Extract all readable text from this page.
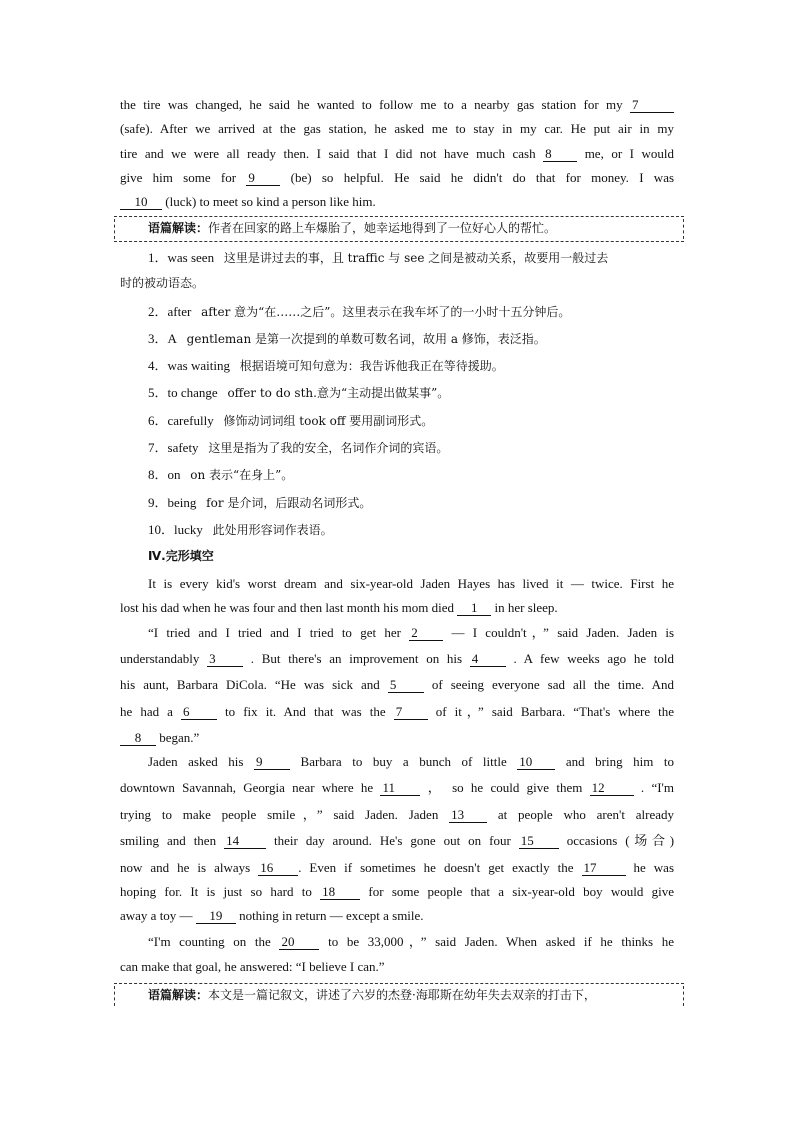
the tire was changed, he said he wanted to follow me to a nearby gas station for my 7
(safe). After we arrived at the gas station, he asked me to stay in my car. He put air in my
tire and we were all ready then. I said that I did not have much cash 8	me, or I would
give him some for 9	(be) so helpful. He said he didn't do that for money. I was
10 (luck) to meet so kind a person like him.
语篇解读：作者在回家的路上车爆胎了，她幸运地得到了一位好心人的帮忙。
1．was seen 这里是讲过去的事，且 traffic 与 see 之间是被动关系，故要用一般过去
时的被动语态。
2．after after 意为“在……之后”。这里表示在我车坏了的一小时十五分钟后。
3．A gentleman 是第一次提到的单数可数名词，故用 a 修饰，表泛指。
4．was waiting 根据语境可知句意为：我告诉他我正在等待援助。
5．to change offer to do sth.意为“主动提出做某事”。
6．carefully 修饰动词词组 took off 要用副词形式。
7．safety 这里是指为了我的安全，名词作介词的宾语。
8．on on 表示“在身上”。
9．being for 是介词，后跟动名词形式。
10．lucky 此处用形容词作表语。
Ⅳ.完形填空
It is every kid's worst dream and six-year-old Jaden Hayes has lived it — twice. First he
lost his dad when he was four and then last month his mom died 1 in her sleep.
“I tried and I tried and I tried to get her 2	— I couldn't，” said Jaden. Jaden is
understandably 3	. But there's an improvement on his 4	. A few weeks ago he told
his aunt, Barbara DiCola. “He was sick and 5	of seeing everyone sad all the time. And
he had a 6	to fix it. And that was the 7	of it，” said Barbara. “That's where the
8 began.”
Jaden asked his 9	Barbara to buy a bunch of little 10	and bring him to
downtown Savannah, Georgia near where he 11	， so he could give them 12	. “I'm
trying to make people smile，” said Jaden. Jaden 13	at people who aren't already
smiling and then 14	their day around. He's gone out on four 15	occasions (场合)
now and he is always 16 . Even if sometimes he doesn't get exactly the 17	he was
hoping for. It is just so hard to 18	for some people that a six-year-old boy would give
away a toy — 19 nothing in return — except a smile.
“I'm counting on the 20	to be 33,000，” said Jaden. When asked if he thinks he
can make that goal, he answered: “I believe I can.”
语篇解读：本文是一篇记叙文，讲述了六岁的杰登·海耶斯在幼年失去双亲的打击下，
